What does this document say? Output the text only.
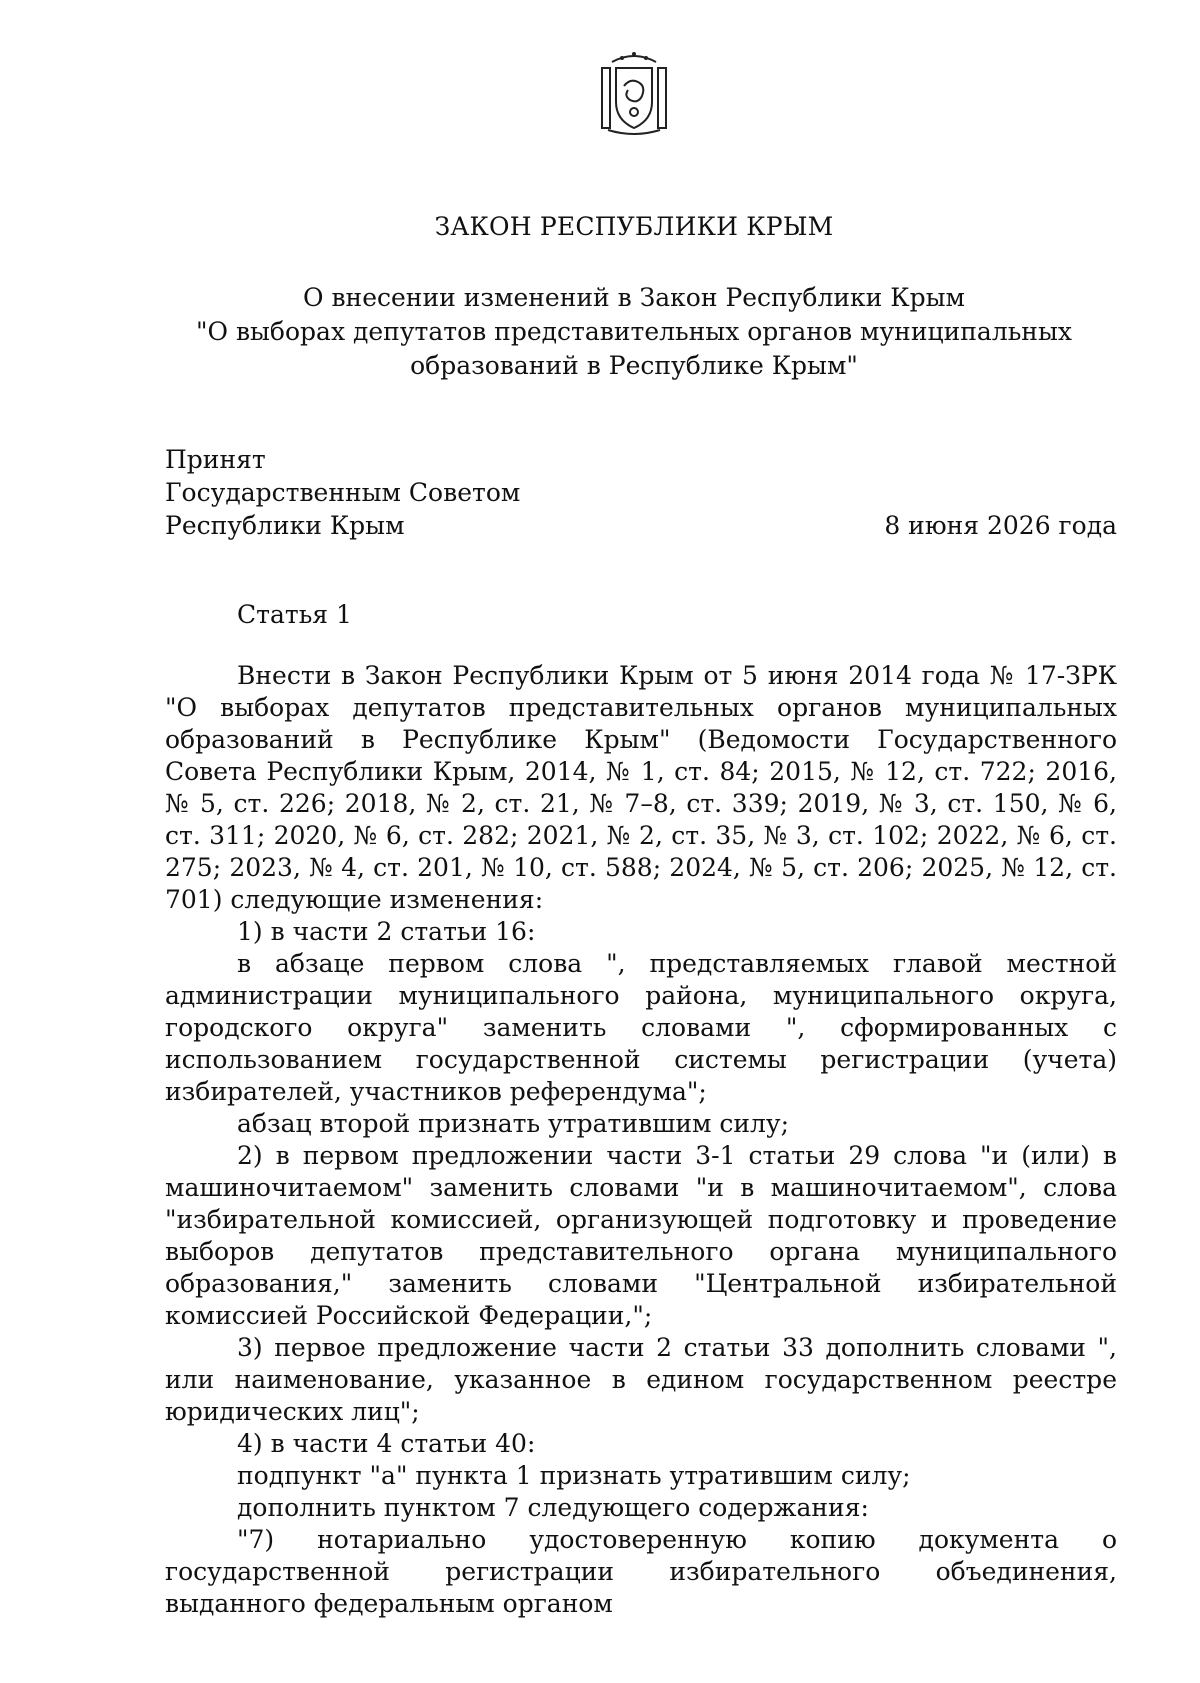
ЗАКОН РЕСПУБЛИКИ КРЫМ
О внесении изменений в Закон Республики Крым
"О выборах депутатов представительных органов муниципальных
образований в Республике Крым"
Принят
Государственным Советом
Республики Крым	8 июня 2026 года
Статья 1

Внести в Закон Республики Крым от 5 июня 2014 года № 17-ЗРК "О выборах депутатов представительных органов муниципальных образований в Республике Крым" (Ведомости Государственного Совета Республики Крым, 2014, № 1, ст. 84; 2015, № 12, ст. 722; 2016, № 5, ст. 226; 2018, № 2, ст. 21, № 7–8, ст. 339; 2019, № 3, ст. 150, № 6, ст. 311; 2020, № 6, ст. 282; 2021, № 2, ст. 35, № 3, ст. 102; 2022, № 6, ст. 275; 2023, № 4, ст. 201, № 10, ст. 588; 2024, № 5, ст. 206; 2025, № 12, ст. 701) следующие изменения:

1) в части 2 статьи 16:

в абзаце первом слова ", представляемых главой местной администрации муниципального района, муниципального округа, городского округа" заменить словами ", сформированных с использованием государственной системы регистрации (учета) избирателей, участников референдума";

абзац второй признать утратившим силу;

2) в первом предложении части 3-1 статьи 29 слова "и (или) в машиночитаемом" заменить словами "и в машиночитаемом", слова "избирательной комиссией, организующей подготовку и проведение выборов депутатов представительного органа муниципального образования," заменить словами "Центральной избирательной комиссией Российской Федерации,";

3) первое предложение части 2 статьи 33 дополнить словами ", или наименование, указанное в едином государственном реестре юридических лиц";

4) в части 4 статьи 40:

подпункт "а" пункта 1 признать утратившим силу;

дополнить пунктом 7 следующего содержания:

"7) нотариально удостоверенную копию документа о государственной регистрации избирательного объединения, выданного федеральным органом
